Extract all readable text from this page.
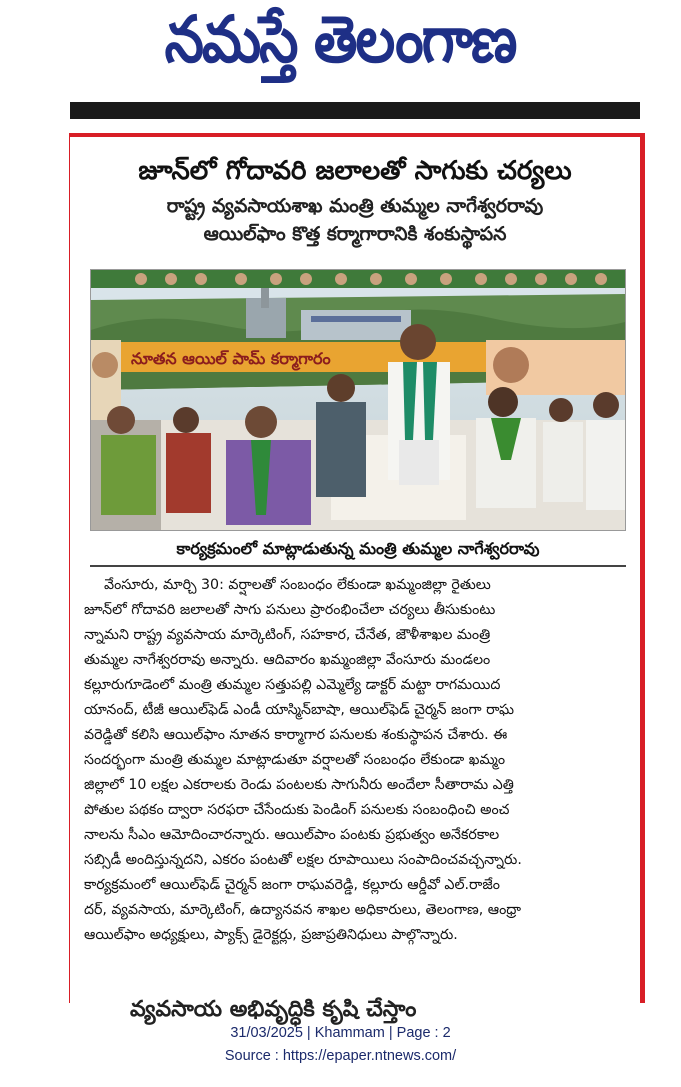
నమస్తే తెలంగాణ
జూన్‌లో గోదావరి జలాలతో సాగుకు చర్యలు
రాష్ట్ర వ్యవసాయశాఖ మంత్రి తుమ్మల నాగేశ్వరరావు
ఆయిల్‌ఫాం కొత్త కర్మాగారానికి శంకుస్థాపన
నూతన ఆయిల్ పామ్ కర్మాగారం
కార్యక్రమంలో మాట్లాడుతున్న మంత్రి తుమ్మల నాగేశ్వరరావు
వేంసూరు, మార్చి 30: వర్షాలతో సంబంధం లేకుండా ఖమ్మంజిల్లా రైతులు
జూన్‌లో గోదావరి జలాలతో సాగు పనులు ప్రారంభించేలా చర్యలు తీసుకుంటు
న్నామని రాష్ట్ర వ్యవసాయ మార్కెటింగ్, సహకార, చేనేత, జౌళీశాఖల మంత్రి
తుమ్మల నాగేశ్వరరావు అన్నారు. ఆదివారం ఖమ్మంజిల్లా వేంసూరు మండలం
కల్లూరుగూడెంలో మంత్రి తుమ్మల సత్తుపల్లి ఎమ్మెల్యే డాక్టర్ మట్టా రాగమయిద
యానంద్, టీజీ ఆయిల్‌ఫెడ్ ఎండీ యాస్మిన్‌బాషా, ఆయిల్‌ఫెడ్ చైర్మన్ జంగా రాఘ
వరెడ్డితో కలిసి ఆయిల్‌ఫాం నూతన కార్మాగార పనులకు శంకుస్థాపన చేశారు. ఈ
సందర్భంగా మంత్రి తుమ్మల మాట్లాడుతూ వర్షాలతో సంబంధం లేకుండా ఖమ్మం
జిల్లాలో 10 లక్షల ఎకరాలకు రెండు పంటలకు సాగునీరు అందేలా సీతారామ ఎత్తి
పోతుల పథకం ద్వారా సరఫరా చేసేందుకు పెండింగ్ పనులకు సంబంధించి అంచ
నాలను సీఎం ఆమోదించారన్నారు. ఆయిల్‌పాం పంటకు ప్రభుత్వం అనేకరకాల
సబ్సిడీ అందిస్తున్నదని, ఎకరం పంటతో లక్షల రూపాయిలు సంపాదించవచ్చన్నారు.
కార్యక్రమంలో ఆయిల్‌ఫెడ్ చైర్మన్ జంగా రాఘవరెడ్డి, కల్లూరు ఆర్డీవో ఎల్.రాజేం
దర్, వ్యవసాయ, మార్కెటింగ్, ఉద్యానవన శాఖల అధికారులు, తెలంగాణ, ఆంధ్రా
ఆయిల్‌ఫాం అధ్యక్షులు, ప్యాక్స్ డైరెక్టర్లు, ప్రజాప్రతినిధులు పాల్గొన్నారు.
వ్యవసాయ అభివృద్ధికి కృషి చేస్తాం
31/03/2025 | Khammam | Page : 2
Source : https://epaper.ntnews.com/
